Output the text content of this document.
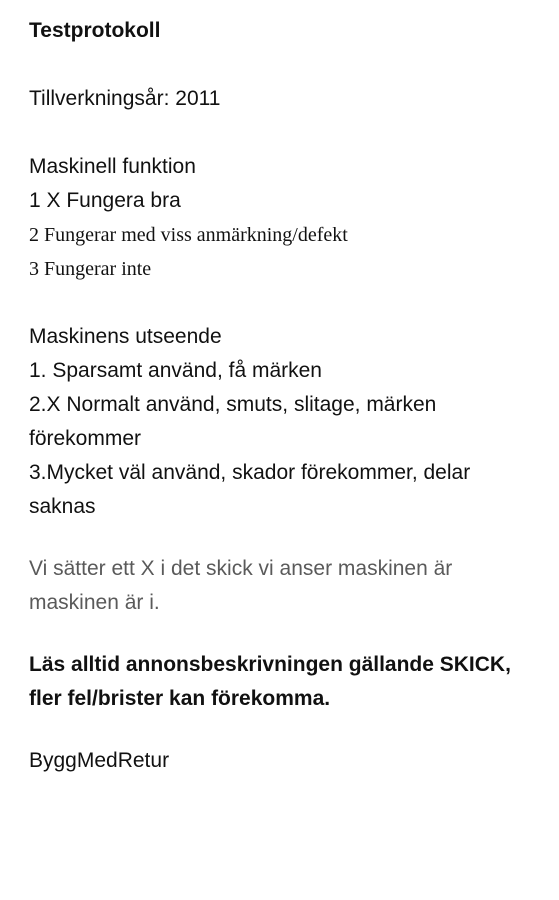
Testprotokoll
Tillverkningsår: 2011
Maskinell funktion
1 X Fungera bra
2 Fungerar med viss anmärkning/defekt
3 Fungerar inte
Maskinens utseende
1. Sparsamt använd, få märken
2.X Normalt använd, smuts, slitage, märken förekommer
3.Mycket väl använd, skador förekommer, delar saknas
Vi sätter ett X i det skick vi anser maskinen är maskinen är i.
Läs alltid annonsbeskrivningen gällande SKICK, fler fel/brister kan förekomma.
ByggMedRetur
